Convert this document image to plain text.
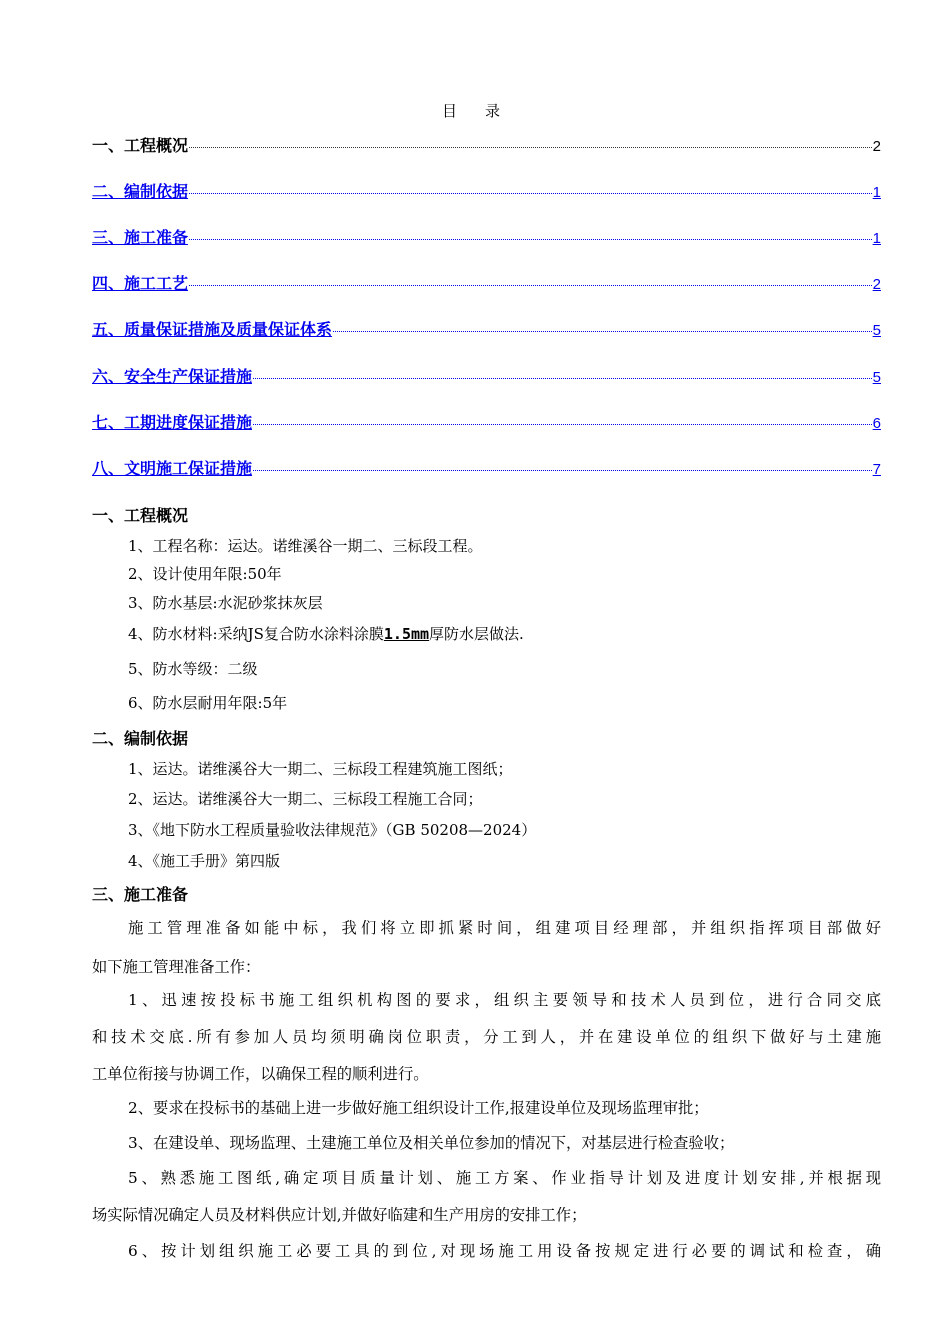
目录
一、工程概况	2
二、编制依据	1
三、施工准备	1
四、施工工艺	2
五、质量保证措施及质量保证体系	5
六、安全生产保证措施	5
七、工期进度保证措施	6
八、文明施工保证措施	7
一、工程概况
1、工程名称：运达。诺维溪谷一期二、三标段工程。
2、设计使用年限:50年
3、防水基层:水泥砂浆抹灰层
4、防水材料:采纳JS复合防水涂料涂膜1.5mm厚防水层做法.
5、防水等级：二级
6、防水层耐用年限:5年
二、编制依据
1、运达。诺维溪谷大一期二、三标段工程建筑施工图纸；
2、运达。诺维溪谷大一期二、三标段工程施工合同；
3、《地下防水工程质量验收法律规范》（GB 50208—2024）
4、《施工手册》第四版
三、施工准备
施工管理准备如能中标，我们将立即抓紧时间，组建项目经理部，并组织指挥项目部做好
如下施工管理准备工作：
1、迅速按投标书施工组织机构图的要求，组织主要领导和技术人员到位，进行合同交底
和技术交底.所有参加人员均须明确岗位职责，分工到人，并在建设单位的组织下做好与土建施
工单位衔接与协调工作，以确保工程的顺利进行。
2、要求在投标书的基础上进一步做好施工组织设计工作,报建设单位及现场监理审批；
3、在建设单、现场监理、土建施工单位及相关单位参加的情况下，对基层进行检查验收；
5、熟悉施工图纸,确定项目质量计划、施工方案、作业指导计划及进度计划安排,并根据现
场实际情况确定人员及材料供应计划,并做好临建和生产用房的安排工作；
6、按计划组织施工必要工具的到位,对现场施工用设备按规定进行必要的调试和检查，确
